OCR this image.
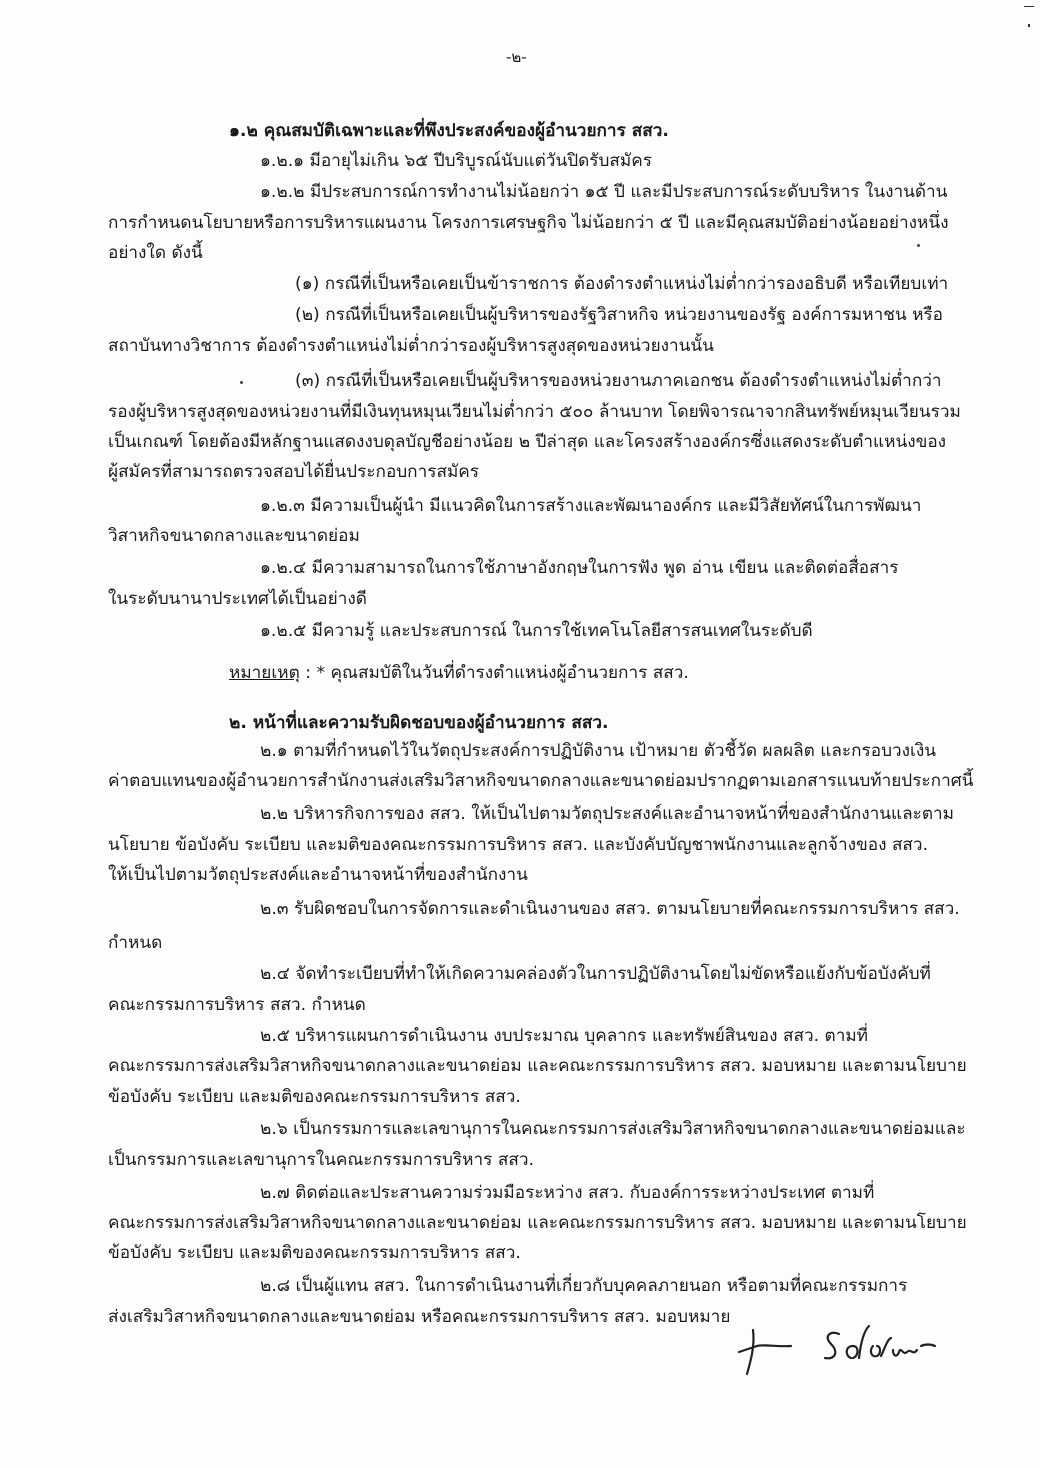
-๒-
๑.๒ คุณสมบัติเฉพาะและที่พึงประสงค์ของผู้อำนวยการ สสว.
๑.๒.๑ มีอายุไม่เกิน ๖๕ ปีบริบูรณ์นับแต่วันปิดรับสมัคร
๑.๒.๒ มีประสบการณ์การทำงานไม่น้อยกว่า ๑๕ ปี และมีประสบการณ์ระดับบริหาร ในงานด้าน
การกำหนดนโยบายหรือการบริหารแผนงาน โครงการเศรษฐกิจ ไม่น้อยกว่า ๕ ปี และมีคุณสมบัติอย่างน้อยอย่างหนึ่ง
อย่างใด ดังนี้
(๑) กรณีที่เป็นหรือเคยเป็นข้าราชการ ต้องดำรงตำแหน่งไม่ต่ำกว่ารองอธิบดี หรือเทียบเท่า
(๒) กรณีที่เป็นหรือเคยเป็นผู้บริหารของรัฐวิสาหกิจ หน่วยงานของรัฐ องค์การมหาชน หรือ
สถาบันทางวิชาการ ต้องดำรงตำแหน่งไม่ต่ำกว่ารองผู้บริหารสูงสุดของหน่วยงานนั้น
(๓) กรณีที่เป็นหรือเคยเป็นผู้บริหารของหน่วยงานภาคเอกชน ต้องดำรงตำแหน่งไม่ต่ำกว่า
รองผู้บริหารสูงสุดของหน่วยงานที่มีเงินทุนหมุนเวียนไม่ต่ำกว่า ๕๐๐ ล้านบาท โดยพิจารณาจากสินทรัพย์หมุนเวียนรวม
เป็นเกณฑ์ โดยต้องมีหลักฐานแสดงงบดุลบัญชีอย่างน้อย ๒ ปีล่าสุด และโครงสร้างองค์กรซึ่งแสดงระดับตำแหน่งของ
ผู้สมัครที่สามารถตรวจสอบได้ยื่นประกอบการสมัคร
๑.๒.๓ มีความเป็นผู้นำ มีแนวคิดในการสร้างและพัฒนาองค์กร และมีวิสัยทัศน์ในการพัฒนา
วิสาหกิจขนาดกลางและขนาดย่อม
๑.๒.๔ มีความสามารถในการใช้ภาษาอังกฤษในการฟัง พูด อ่าน เขียน และติดต่อสื่อสาร
ในระดับนานาประเทศได้เป็นอย่างดี
๑.๒.๕ มีความรู้ และประสบการณ์ ในการใช้เทคโนโลยีสารสนเทศในระดับดี
หมายเหตุ : * คุณสมบัติในวันที่ดำรงตำแหน่งผู้อำนวยการ สสว.
๒. หน้าที่และความรับผิดชอบของผู้อำนวยการ สสว.
๒.๑ ตามที่กำหนดไว้ในวัตถุประสงค์การปฏิบัติงาน เป้าหมาย ตัวชี้วัด ผลผลิต และกรอบวงเงิน
ค่าตอบแทนของผู้อำนวยการสำนักงานส่งเสริมวิสาหกิจขนาดกลางและขนาดย่อมปรากฏตามเอกสารแนบท้ายประกาศนี้
๒.๒ บริหารกิจการของ สสว. ให้เป็นไปตามวัตถุประสงค์และอำนาจหน้าที่ของสำนักงานและตาม
นโยบาย ข้อบังคับ ระเบียบ และมติของคณะกรรมการบริหาร สสว. และบังคับบัญชาพนักงานและลูกจ้างของ สสว.
ให้เป็นไปตามวัตถุประสงค์และอำนาจหน้าที่ของสำนักงาน
๒.๓ รับผิดชอบในการจัดการและดำเนินงานของ สสว. ตามนโยบายที่คณะกรรมการบริหาร สสว.
กำหนด
๒.๔ จัดทำระเบียบที่ทำให้เกิดความคล่องตัวในการปฏิบัติงานโดยไม่ขัดหรือแย้งกับข้อบังคับที่
คณะกรรมการบริหาร สสว. กำหนด
๒.๕ บริหารแผนการดำเนินงาน งบประมาณ บุคลากร และทรัพย์สินของ สสว. ตามที่
คณะกรรมการส่งเสริมวิสาหกิจขนาดกลางและขนาดย่อม และคณะกรรมการบริหาร สสว. มอบหมาย และตามนโยบาย
ข้อบังคับ ระเบียบ และมติของคณะกรรมการบริหาร สสว.
๒.๖ เป็นกรรมการและเลขานุการในคณะกรรมการส่งเสริมวิสาหกิจขนาดกลางและขนาดย่อมและ
เป็นกรรมการและเลขานุการในคณะกรรมการบริหาร สสว.
๒.๗ ติดต่อและประสานความร่วมมือระหว่าง สสว. กับองค์การระหว่างประเทศ ตามที่
คณะกรรมการส่งเสริมวิสาหกิจขนาดกลางและขนาดย่อม และคณะกรรมการบริหาร สสว. มอบหมาย และตามนโยบาย
ข้อบังคับ ระเบียบ และมติของคณะกรรมการบริหาร สสว.
๒.๘ เป็นผู้แทน สสว. ในการดำเนินงานที่เกี่ยวกับบุคคลภายนอก หรือตามที่คณะกรรมการ
ส่งเสริมวิสาหกิจขนาดกลางและขนาดย่อม หรือคณะกรรมการบริหาร สสว. มอบหมาย
